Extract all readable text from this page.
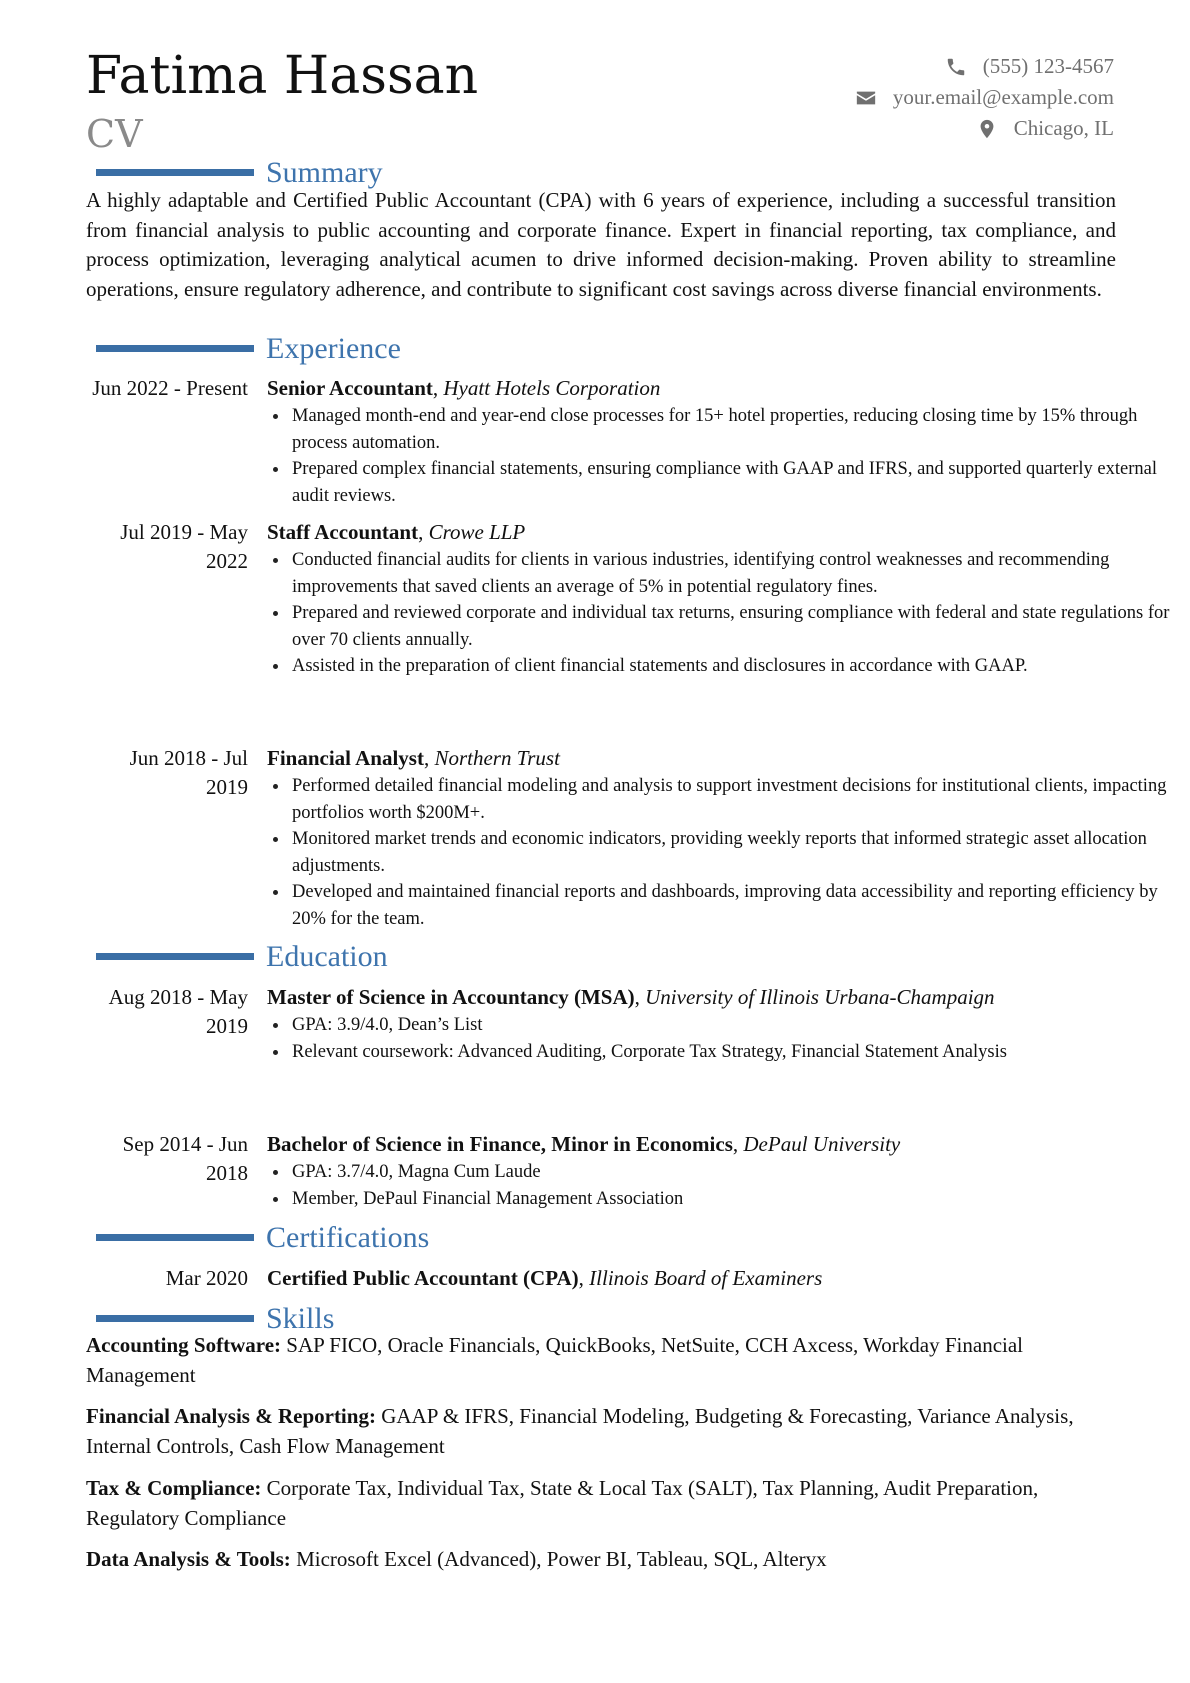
Fatima Hassan
CV
(555) 123-4567
your.email@example.com
Chicago, IL
Summary
A highly adaptable and Certified Public Accountant (CPA) with 6 years of experience, including a successful transition from financial analysis to public accounting and corporate finance. Expert in financial reporting, tax compliance, and process optimization, leveraging analytical acumen to drive informed decision-making. Proven ability to streamline operations, ensure regulatory adherence, and contribute to significant cost savings across diverse financial environments.
Experience
Jun 2022 - Present Senior Accountant, Hyatt Hotels Corporation
Managed month-end and year-end close processes for 15+ hotel properties, reducing closing time by 15% through process automation.
Prepared complex financial statements, ensuring compliance with GAAP and IFRS, and supported quarterly external audit reviews.
Jul 2019 - May 2022
Staff Accountant, Crowe LLP
Conducted financial audits for clients in various industries, identifying control weaknesses and recommending improvements that saved clients an average of 5% in potential regulatory fines.
Prepared and reviewed corporate and individual tax returns, ensuring compliance with federal and state regulations for over 70 clients annually.
Assisted in the preparation of client financial statements and disclosures in accordance with GAAP.
Jun 2018 - Jul 2019
Financial Analyst, Northern Trust
Performed detailed financial modeling and analysis to support investment decisions for institutional clients, impacting portfolios worth $200M+.
Monitored market trends and economic indicators, providing weekly reports that informed strategic asset allocation adjustments.
Developed and maintained financial reports and dashboards, improving data accessibility and reporting efficiency by 20% for the team.
Education
Aug 2018 - May 2019
Master of Science in Accountancy (MSA), University of Illinois Urbana-Champaign
GPA: 3.9/4.0, Dean’s List
Relevant coursework: Advanced Auditing, Corporate Tax Strategy, Financial Statement Analysis
Sep 2014 - Jun 2018
Bachelor of Science in Finance, Minor in Economics, DePaul University
GPA: 3.7/4.0, Magna Cum Laude
Member, DePaul Financial Management Association
Certifications
Mar 2020 Certified Public Accountant (CPA), Illinois Board of Examiners
Skills
Accounting Software: SAP FICO, Oracle Financials, QuickBooks, NetSuite, CCH Axcess, Workday Financial Management
Financial Analysis & Reporting: GAAP & IFRS, Financial Modeling, Budgeting & Forecasting, Variance Analysis, Internal Controls, Cash Flow Management
Tax & Compliance: Corporate Tax, Individual Tax, State & Local Tax (SALT), Tax Planning, Audit Preparation, Regulatory Compliance
Data Analysis & Tools: Microsoft Excel (Advanced), Power BI, Tableau, SQL, Alteryx
